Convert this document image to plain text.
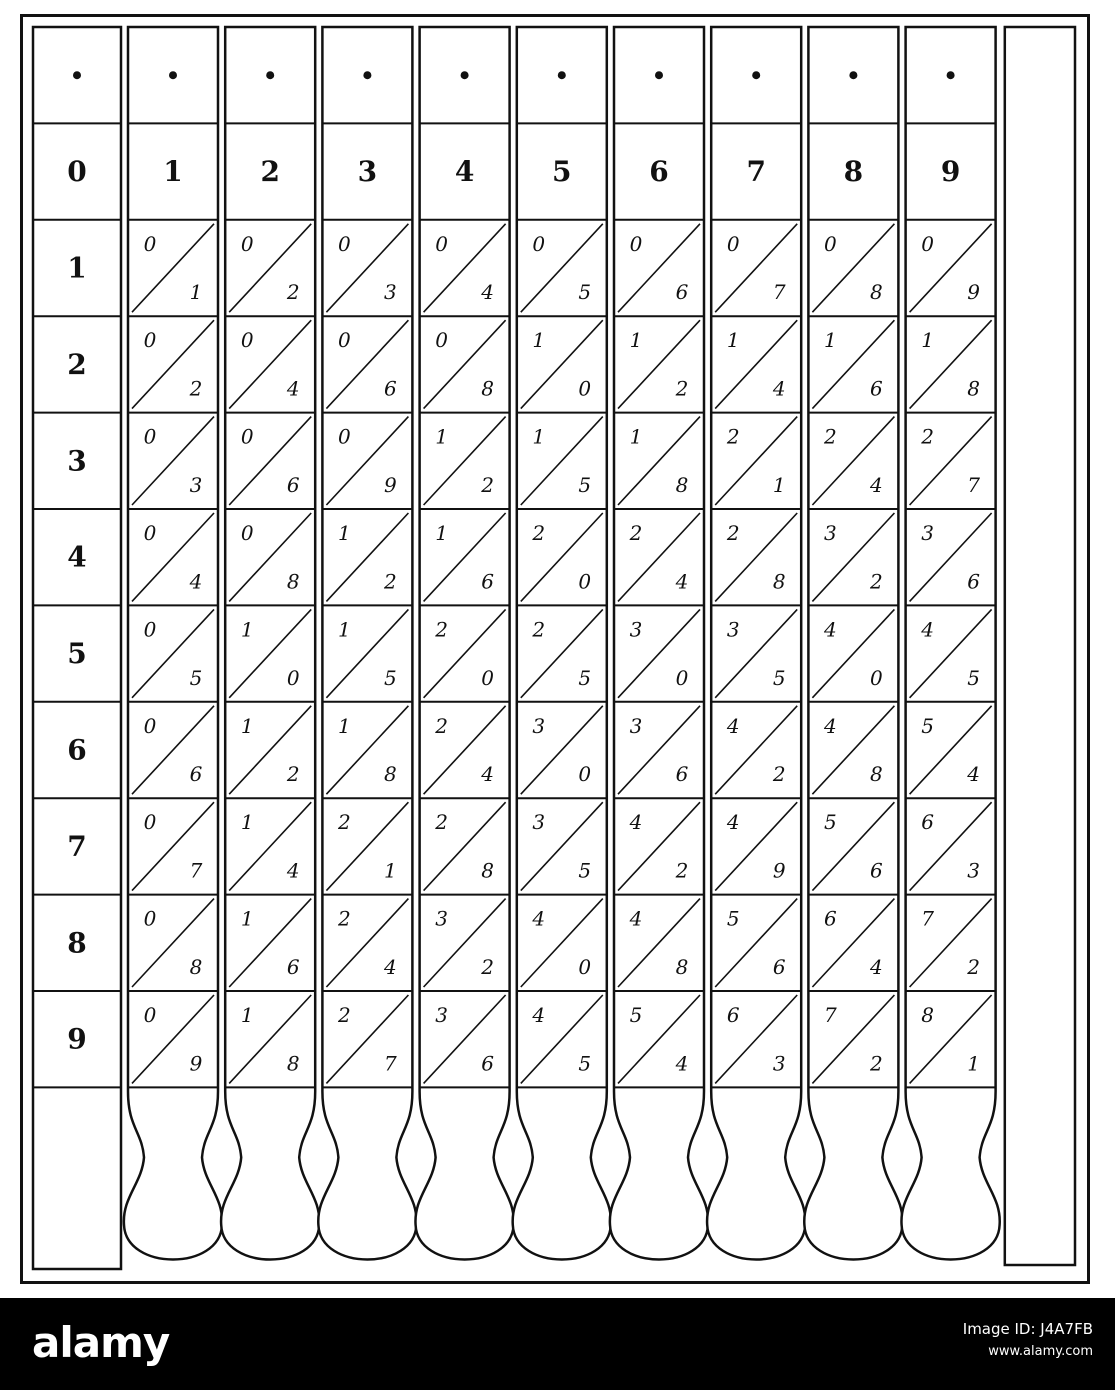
0
1
2
3
4
5
6
7
8
9
1
0
1
0
2
0
3
0
4
0
5
0
6
0
7
0
8
0
9
2
0
2
0
4
0
6
0
8
1
0
1
2
1
4
1
6
1
8
3
0
3
0
6
0
9
1
2
1
5
1
8
2
1
2
4
2
7
4
0
4
0
8
1
2
1
6
2
0
2
4
2
8
3
2
3
6
5
0
5
1
0
1
5
2
0
2
5
3
0
3
5
4
0
4
5
6
0
6
1
2
1
8
2
4
3
0
3
6
4
2
4
8
5
4
7
0
7
1
4
2
1
2
8
3
5
4
2
4
9
5
6
6
3
8
0
8
1
6
2
4
3
2
4
0
4
8
5
6
6
4
7
2
9
0
9
1
8
2
7
3
6
4
5
5
4
6
3
7
2
8
1
alamy	Image ID: J4A7FB
www.alamy.com
